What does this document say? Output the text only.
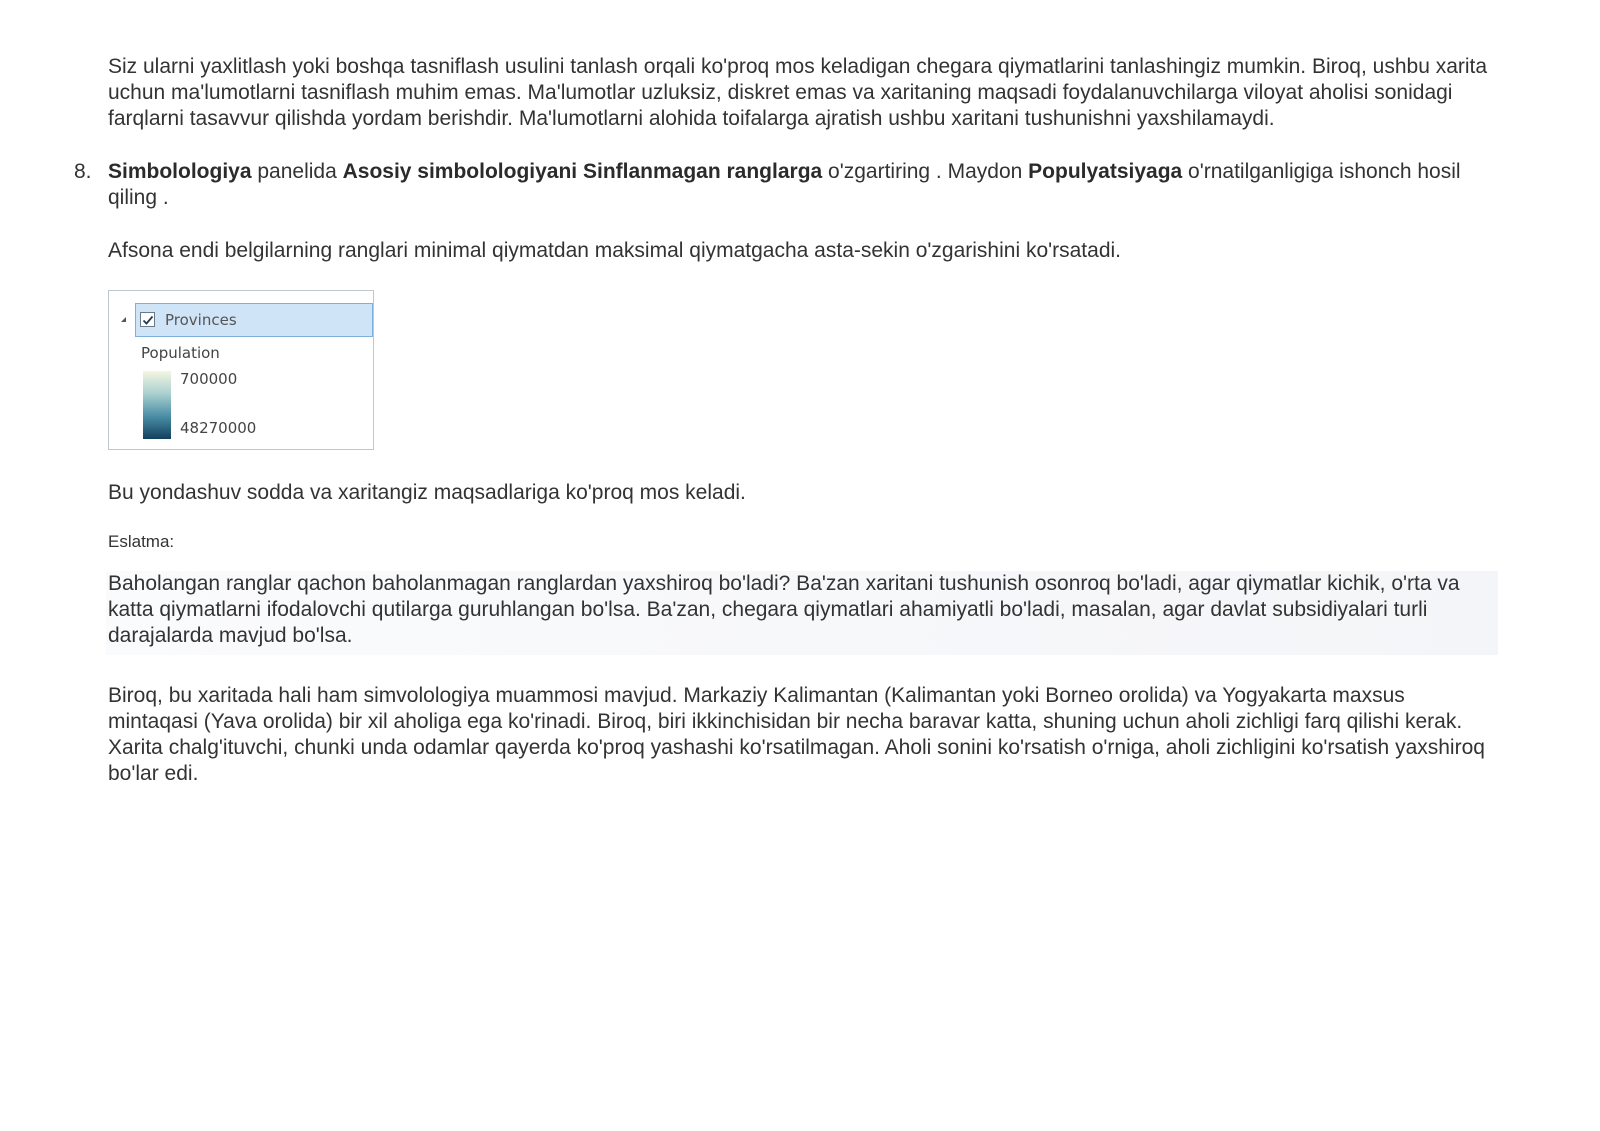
Siz ularni yaxlitlash yoki boshqa tasniflash usulini tanlash orqali ko'proq mos keladigan chegara qiymatlarini tanlashingiz mumkin. Biroq, ushbu xarita uchun ma'lumotlarni tasniflash muhim emas. Ma'lumotlar uzluksiz, diskret emas va xaritaning maqsadi foydalanuvchilarga viloyat aholisi sonidagi farqlarni tasavvur qilishda yordam berishdir. Ma'lumotlarni alohida toifalarga ajratish ushbu xaritani tushunishni yaxshilamaydi.

8. Simbolologiya panelida Asosiy simbolologiyani Sinflanmagan ranglarga o'zgartiring . Maydon Populyatsiyaga o'rnatilganligiga ishonch hosil qiling .

Afsona endi belgilarning ranglari minimal qiymatdan maksimal qiymatgacha asta-sekin o'zgarishini ko'rsatadi.

Provinces
Population
700000
48270000

Bu yondashuv sodda va xaritangiz maqsadlariga ko'proq mos keladi.

Eslatma:

Baholangan ranglar qachon baholanmagan ranglardan yaxshiroq bo'ladi? Ba'zan xaritani tushunish osonroq bo'ladi, agar qiymatlar kichik, o'rta va katta qiymatlarni ifodalovchi qutilarga guruhlangan bo'lsa. Ba'zan, chegara qiymatlari ahamiyatli bo'ladi, masalan, agar davlat subsidiyalari turli darajalarda mavjud bo'lsa.

Biroq, bu xaritada hali ham simvolologiya muammosi mavjud. Markaziy Kalimantan (Kalimantan yoki Borneo orolida) va Yogyakarta maxsus mintaqasi (Yava orolida) bir xil aholiga ega ko'rinadi. Biroq, biri ikkinchisidan bir necha baravar katta, shuning uchun aholi zichligi farq qilishi kerak. Xarita chalg'ituvchi, chunki unda odamlar qayerda ko'proq yashashi ko'rsatilmagan. Aholi sonini ko'rsatish o'rniga, aholi zichligini ko'rsatish yaxshiroq bo'lar edi.
